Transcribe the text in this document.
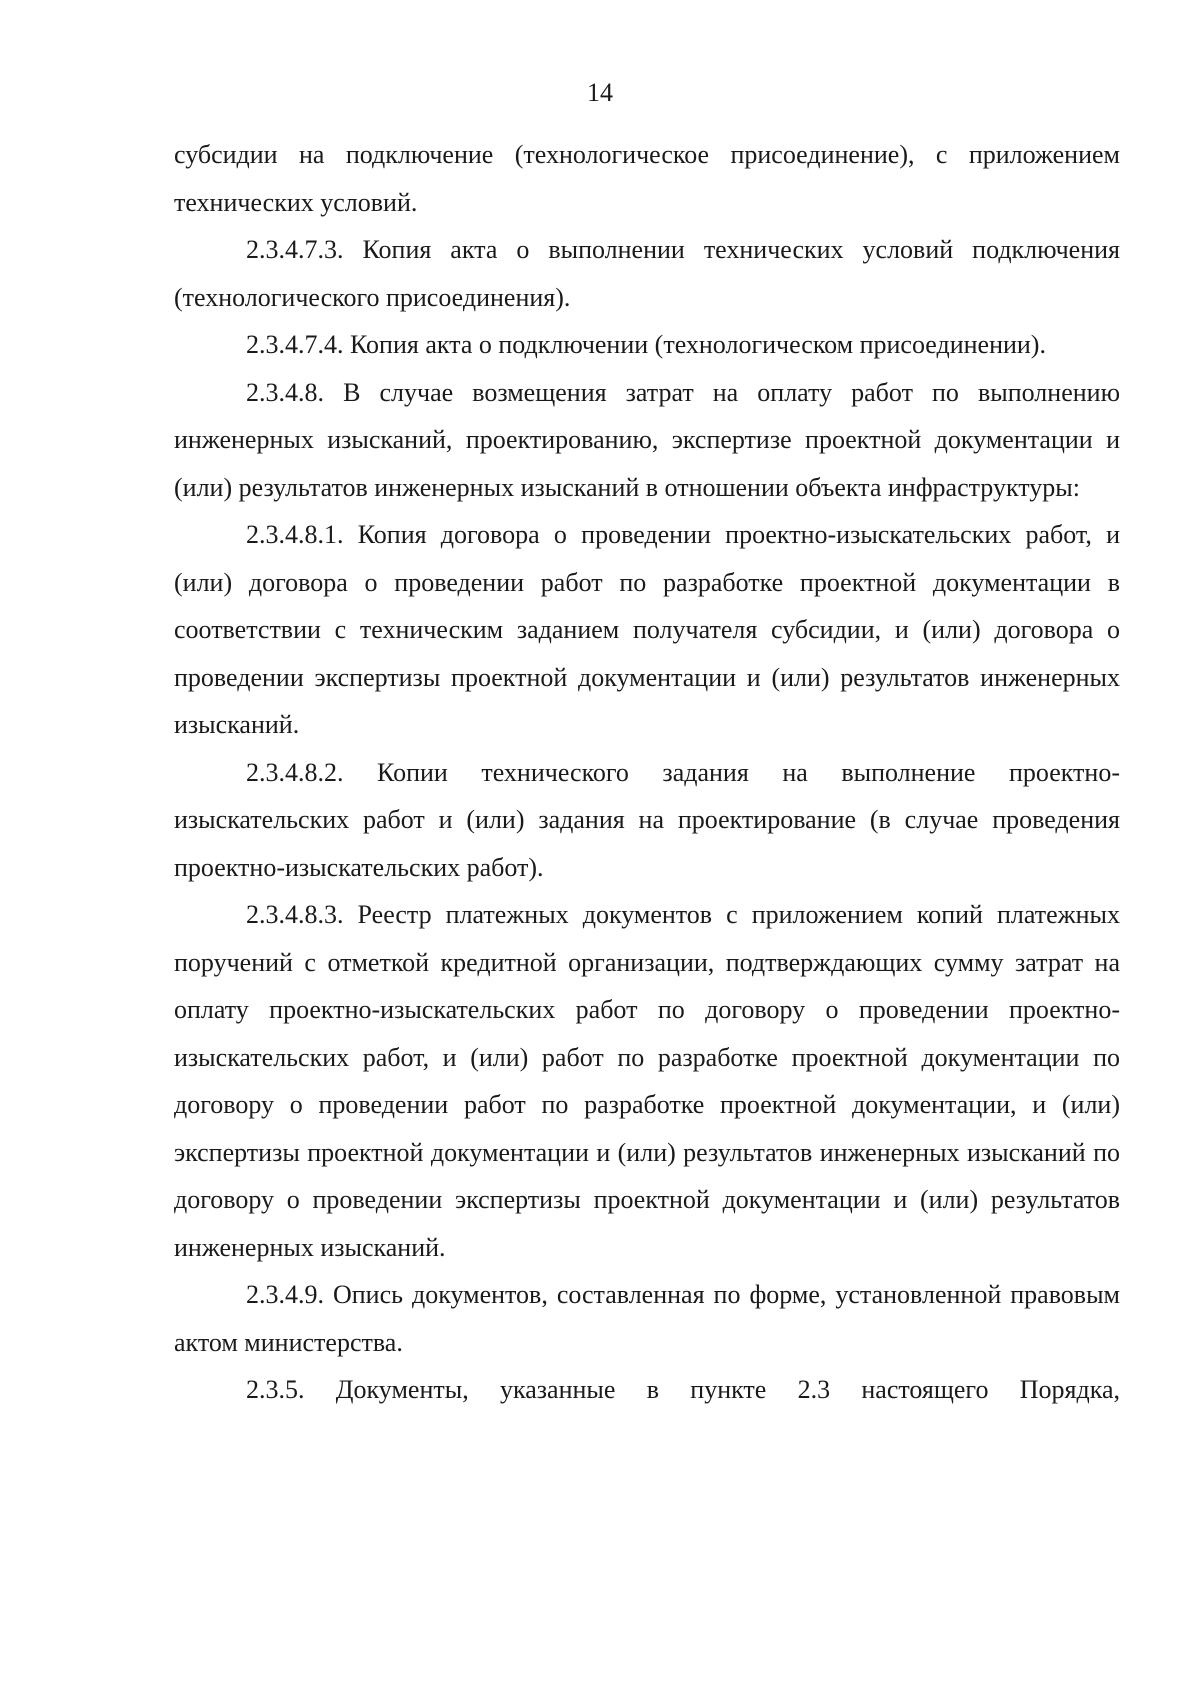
14

субсидии на подключение (технологическое присоединение), с приложением технических условий.

2.3.4.7.3. Копия акта о выполнении технических условий подключения (технологического присоединения).

2.3.4.7.4. Копия акта о подключении (технологическом присоединении).

2.3.4.8. В случае возмещения затрат на оплату работ по выполнению инженерных изысканий, проектированию, экспертизе проектной документации и (или) результатов инженерных изысканий в отношении объекта инфраструктуры:

2.3.4.8.1. Копия договора о проведении проектно-изыскательских работ, и (или) договора о проведении работ по разработке проектной документации в соответствии с техническим заданием получателя субсидии, и (или) договора о проведении экспертизы проектной документации и (или) результатов инженерных изысканий.

2.3.4.8.2. Копии технического задания на выполнение проектно-изыскательских работ и (или) задания на проектирование (в случае проведения проектно-изыскательских работ).

2.3.4.8.3. Реестр платежных документов с приложением копий платежных поручений с отметкой кредитной организации, подтверждающих сумму затрат на оплату проектно-изыскательских работ по договору о проведении проектно-изыскательских работ, и (или) работ по разработке проектной документации по договору о проведении работ по разработке проектной документации, и (или) экспертизы проектной документации и (или) результатов инженерных изысканий по договору о проведении экспертизы проектной документации и (или) результатов инженерных изысканий.

2.3.4.9. Опись документов, составленная по форме, установленной правовым актом министерства.

2.3.5. Документы, указанные в пункте 2.3 настоящего Порядка,
